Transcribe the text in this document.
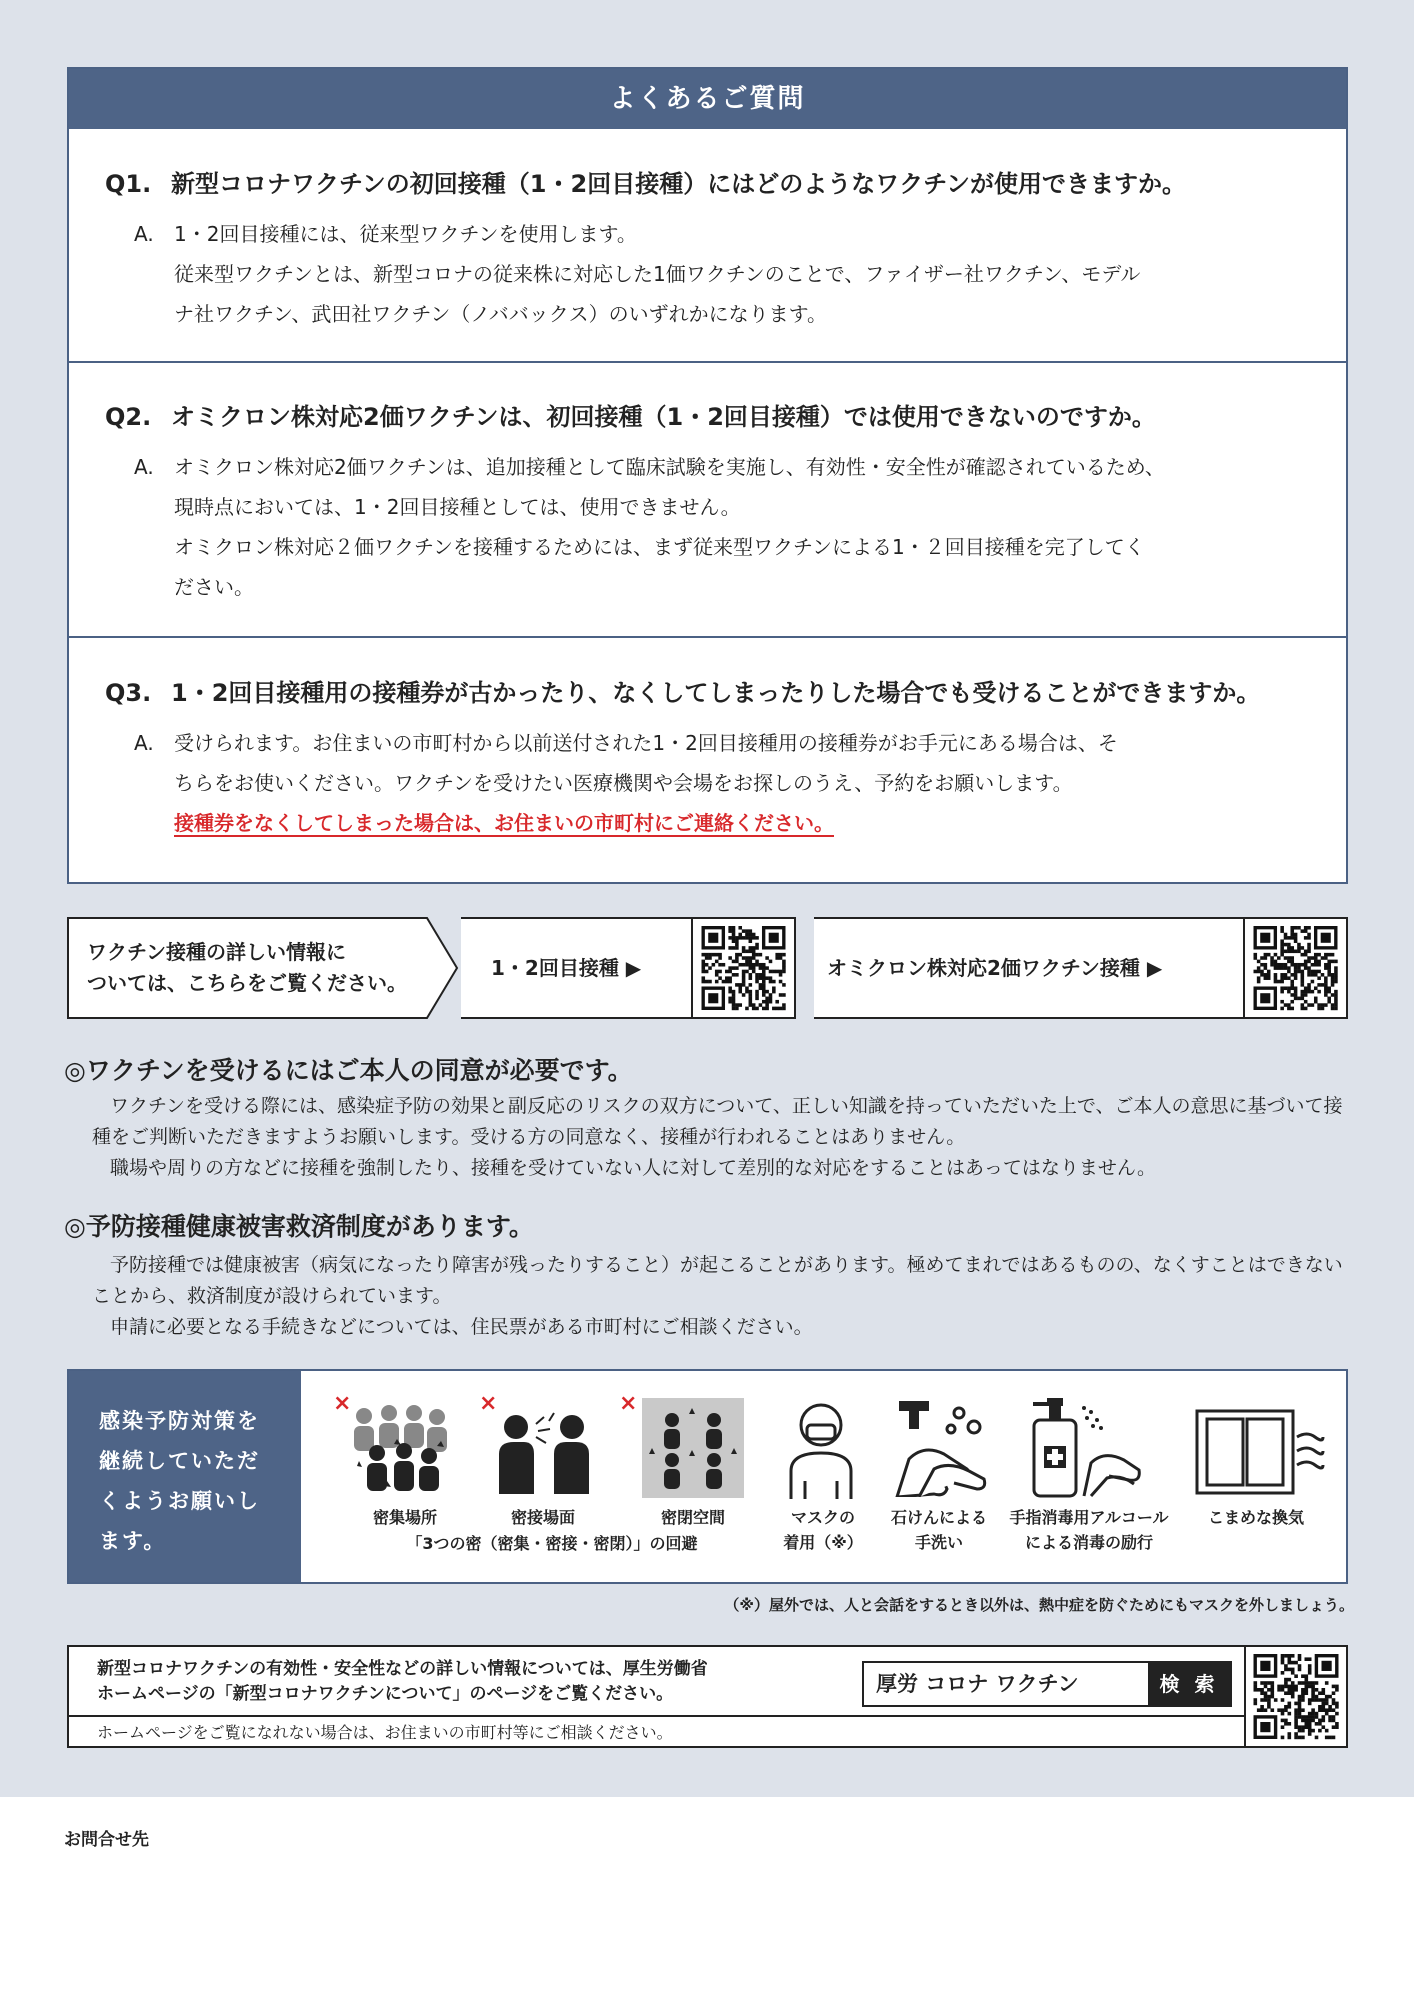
よくあるご質問
Q1. 新型コロナワクチンの初回接種（1・2回目接種）にはどのようなワクチンが使用できますか。
A. 1・2回目接種には、従来型ワクチンを使用します。
従来型ワクチンとは、新型コロナの従来株に対応した1価ワクチンのことで、ファイザー社ワクチン、モデル
ナ社ワクチン、武田社ワクチン（ノババックス）のいずれかになります。
Q2. オミクロン株対応2価ワクチンは、初回接種（1・2回目接種）では使用できないのですか。
A. オミクロン株対応2価ワクチンは、追加接種として臨床試験を実施し、有効性・安全性が確認されているため、
現時点においては、1・2回目接種としては、使用できません。
オミクロン株対応２価ワクチンを接種するためには、まず従来型ワクチンによる1・２回目接種を完了してく
ださい。
Q3. 1・2回目接種用の接種券が古かったり、なくしてしまったりした場合でも受けることができますか。
A. 受けられます。お住まいの市町村から以前送付された1・2回目接種用の接種券がお手元にある場合は、そ
ちらをお使いください。ワクチンを受けたい医療機関や会場をお探しのうえ、予約をお願いします。
接種券をなくしてしまった場合は、お住まいの市町村にご連絡ください。
ワクチン接種の詳しい情報に
ついては、こちらをご覧ください。
1・2回目接種 ▶	オミクロン株対応2価ワクチン接種 ▶
◎ワクチンを受けるにはご本人の同意が必要です。
ワクチンを受ける際には、感染症予防の効果と副反応のリスクの双方について、正しい知識を持っていただいた上で、ご本人の意思に基づいて接種をご判断いただきますようお願いします。受ける方の同意なく、接種が行われることはありません。
職場や周りの方などに接種を強制したり、接種を受けていない人に対して差別的な対応をすることはあってはなりません。
◎予防接種健康被害救済制度があります。
予防接種では健康被害（病気になったり障害が残ったりすること）が起こることがあります。極めてまれではあるものの、なくすことはできないことから、救済制度が設けられています。
申請に必要となる手続きなどについては、住民票がある市町村にご相談ください。
感染予防対策を継続していただくようお願いします。
×
密集場所
×
密接場面
×
密閉空間
「3つの密（密集・密接・密閉）」の回避
マスクの
着用（※）
石けんによる
手洗い
手指消毒用アルコール
による消毒の励行
こまめな換気
（※）屋外では、人と会話をするとき以外は、熱中症を防ぐためにもマスクを外しましょう。
新型コロナワクチンの有効性・安全性などの詳しい情報については、厚生労働省
ホームページの「新型コロナワクチンについて」のページをご覧ください。	厚労 コロナ ワクチン	検 索
ホームページをご覧になれない場合は、お住まいの市町村等にご相談ください。
お問合せ先
